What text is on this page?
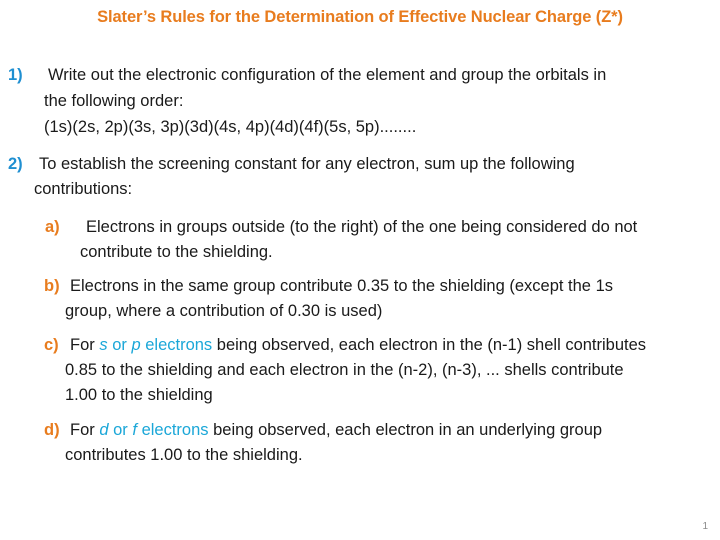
Slater’s Rules for the Determination of Effective Nuclear Charge (Z*)
1) Write out the electronic configuration of the element and group the orbitals in
the following order:
(1s)(2s, 2p)(3s, 3p)(3d)(4s, 4p)(4d)(4f)(5s, 5p)........
2) To establish the screening constant for any electron, sum up the following
contributions:
a) Electrons in groups outside (to the right) of the one being considered do not
contribute to the shielding.
b) Electrons in the same group contribute 0.35 to the shielding (except the 1s
group, where a contribution of 0.30 is used)
c) For s or p electrons being observed, each electron in the (n-1) shell contributes
0.85 to the shielding and each electron in the (n-2), (n-3), ... shells contribute
1.00 to the shielding
d) For d or f electrons being observed, each electron in an underlying group
contributes 1.00 to the shielding.
1
